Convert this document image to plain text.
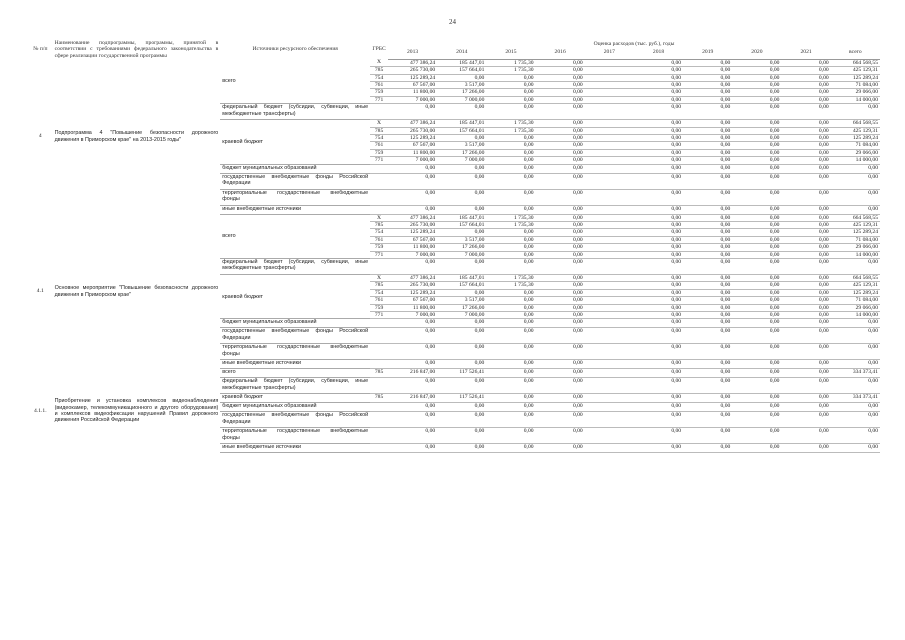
24
№ п/п	Наименование подпрограммы, программы, принятой в соответствии с требованиями федерального законодательства в сфере реализации государственной программы	Источники ресурсного обеспечения	ГРБС	Оценка расходов (тыс. руб.), годы									
				2013	2014	2015	2016	2017	2018	2019	2020	2021	всего
4	Подпрограмма 4 "Повышение безопасности дорожного движения в Приморском крае" на 2013-2015 годы"	всего	X	477 386,24	185 447,01	1 735,30	0,00		0,00	0,00	0,00	0,00	664 568,55
			785	265 730,00	157 664,01	1 735,30	0,00		0,00	0,00	0,00	0,00	425 129,31
			754	125 289,24	0,00	0,00	0,00		0,00	0,00	0,00	0,00	125 289,24
			761	67 567,00	3 517,00	0,00	0,00		0,00	0,00	0,00	0,00	71 084,00
			759	11 800,00	17 266,00	0,00	0,00		0,00	0,00	0,00	0,00	29 066,00
			771	7 000,00	7 000,00	0,00	0,00		0,00	0,00	0,00	0,00	14 000,00
		федеральный бюджет (субсидии, субвенции, иные межбюджетные трансферты)		0,00	0,00	0,00	0,00		0,00	0,00	0,00	0,00	0,00
		краевой бюджет	X	477 386,24	185 447,01	1 735,30	0,00		0,00	0,00	0,00	0,00	664 568,55
			785	265 730,00	157 664,01	1 735,30	0,00		0,00	0,00	0,00	0,00	425 129,31
			754	125 289,24	0,00	0,00	0,00		0,00	0,00	0,00	0,00	125 289,24
			761	67 567,00	3 517,00	0,00	0,00		0,00	0,00	0,00	0,00	71 084,00
			759	11 800,00	17 266,00	0,00	0,00		0,00	0,00	0,00	0,00	29 066,00
			771	7 000,00	7 000,00	0,00	0,00		0,00	0,00	0,00	0,00	14 000,00
		бюджет муниципальных образований		0,00	0,00	0,00	0,00		0,00	0,00	0,00	0,00	0,00
		государственные внебюджетные фонды Российской Федерации		0,00	0,00	0,00	0,00		0,00	0,00	0,00	0,00	0,00
		территориальные государственные внебюджетные фонды		0,00	0,00	0,00	0,00		0,00	0,00	0,00	0,00	0,00
		иные внебюджетные источники		0,00	0,00	0,00	0,00		0,00	0,00	0,00	0,00	0,00
4.1	Основное мероприятие "Повышение безопасности дорожного движения в Приморском крае"	всего	X	477 386,24	185 447,01	1 735,30	0,00		0,00	0,00	0,00	0,00	664 568,55
			785	265 730,00	157 664,01	1 735,30	0,00		0,00	0,00	0,00	0,00	425 129,31
			754	125 289,24	0,00	0,00	0,00		0,00	0,00	0,00	0,00	125 289,24
			761	67 567,00	3 517,00	0,00	0,00		0,00	0,00	0,00	0,00	71 084,00
			759	11 800,00	17 266,00	0,00	0,00		0,00	0,00	0,00	0,00	29 066,00
			771	7 000,00	7 000,00	0,00	0,00		0,00	0,00	0,00	0,00	14 000,00
		федеральный бюджет (субсидии, субвенции, иные межбюджетные трансферты)		0,00	0,00	0,00	0,00		0,00	0,00	0,00	0,00	0,00
		краевой бюджет	X	477 386,24	185 447,01	1 735,30	0,00		0,00	0,00	0,00	0,00	664 568,55
			785	265 730,00	157 664,01	1 735,30	0,00		0,00	0,00	0,00	0,00	425 129,31
			754	125 289,24	0,00	0,00	0,00		0,00	0,00	0,00	0,00	125 289,24
			761	67 567,00	3 517,00	0,00	0,00		0,00	0,00	0,00	0,00	71 084,00
			759	11 800,00	17 266,00	0,00	0,00		0,00	0,00	0,00	0,00	29 066,00
			771	7 000,00	7 000,00	0,00	0,00		0,00	0,00	0,00	0,00	14 000,00
		бюджет муниципальных образований		0,00	0,00	0,00	0,00		0,00	0,00	0,00	0,00	0,00
		государственные внебюджетные фонды Российской Федерации		0,00	0,00	0,00	0,00		0,00	0,00	0,00	0,00	0,00
		территориальные государственные внебюджетные фонды		0,00	0,00	0,00	0,00		0,00	0,00	0,00	0,00	0,00
		иные внебюджетные источники		0,00	0,00	0,00	0,00		0,00	0,00	0,00	0,00	0,00
4.1.1.	Приобретение и установка комплексов видеонаблюдения (видеокамер, телекоммуникационного и другого оборудования) и комплексов видеофиксации нарушений Правил дорожного движения Российской Федерации	всего	785	216 847,00	117 526,41	0,00	0,00		0,00	0,00	0,00	0,00	334 373,41
		федеральный бюджет (субсидии, субвенции, иные межбюджетные трансферты)		0,00	0,00	0,00	0,00		0,00	0,00	0,00	0,00	0,00
		краевой бюджет	785	216 847,00	117 526,41	0,00	0,00		0,00	0,00	0,00	0,00	334 373,41
		бюджет муниципальных образований		0,00	0,00	0,00	0,00		0,00	0,00	0,00	0,00	0,00
		государственные внебюджетные фонды Российской Федерации		0,00	0,00	0,00	0,00		0,00	0,00	0,00	0,00	0,00
		территориальные государственные внебюджетные фонды		0,00	0,00	0,00	0,00		0,00	0,00	0,00	0,00	0,00
		иные внебюджетные источники		0,00	0,00	0,00	0,00		0,00	0,00	0,00	0,00	0,00
